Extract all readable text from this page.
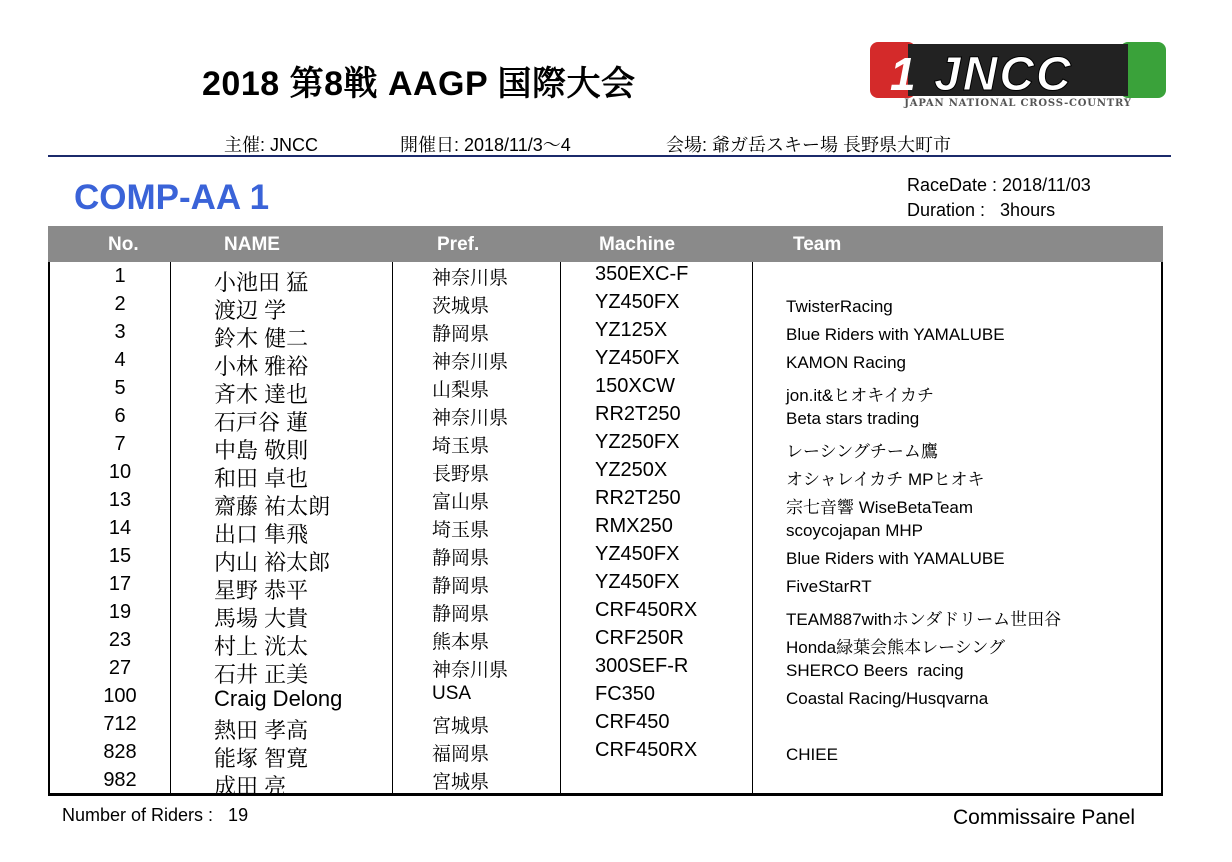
2018 第8戦 AAGP 国際大会	1 JNCC
JAPAN NATIONAL CROSS-COUNTRY
主催: JNCC	開催日: 2018/11/3〜4	会場: 爺ガ岳スキー場 長野県大町市
COMP-AA 1	RaceDate : 2018/11/03
Duration :   3hours
No.	NAME	Pref.	Machine	Team
1	小池田 猛	神奈川県	350EXC-F
2	渡辺 学	茨城県	YZ450FX	TwisterRacing
3	鈴木 健二	静岡県	YZ125X	Blue Riders with YAMALUBE
4	小林 雅裕	神奈川県	YZ450FX	KAMON Racing
5	斉木 達也	山梨県	150XCW	jon.it&ヒオキイカチ
6	石戸谷 蓮	神奈川県	RR2T250	Beta stars trading
7	中島 敬則	埼玉県	YZ250FX	レーシングチーム鷹
10	和田 卓也	長野県	YZ250X	オシャレイカチ MPヒオキ
13	齋藤 祐太朗	富山県	RR2T250	宗七音響 WiseBetaTeam
14	出口 隼飛	埼玉県	RMX250	scoycojapan MHP
15	内山 裕太郎	静岡県	YZ450FX	Blue Riders with YAMALUBE
17	星野 恭平	静岡県	YZ450FX	FiveStarRT
19	馬場 大貴	静岡県	CRF450RX	TEAM887withホンダドリーム世田谷
23	村上 洸太	熊本県	CRF250R	Honda緑葉会熊本レーシング
27	石井 正美	神奈川県	300SEF-R	SHERCO Beers  racing
100	Craig Delong	USA	FC350	Coastal Racing/Husqvarna
712	熱田 孝高	宮城県	CRF450
828	能塚 智寛	福岡県	CRF450RX	CHIEE
982	成田 亮	宮城県
Number of Riders :   19	Commissaire Panel
